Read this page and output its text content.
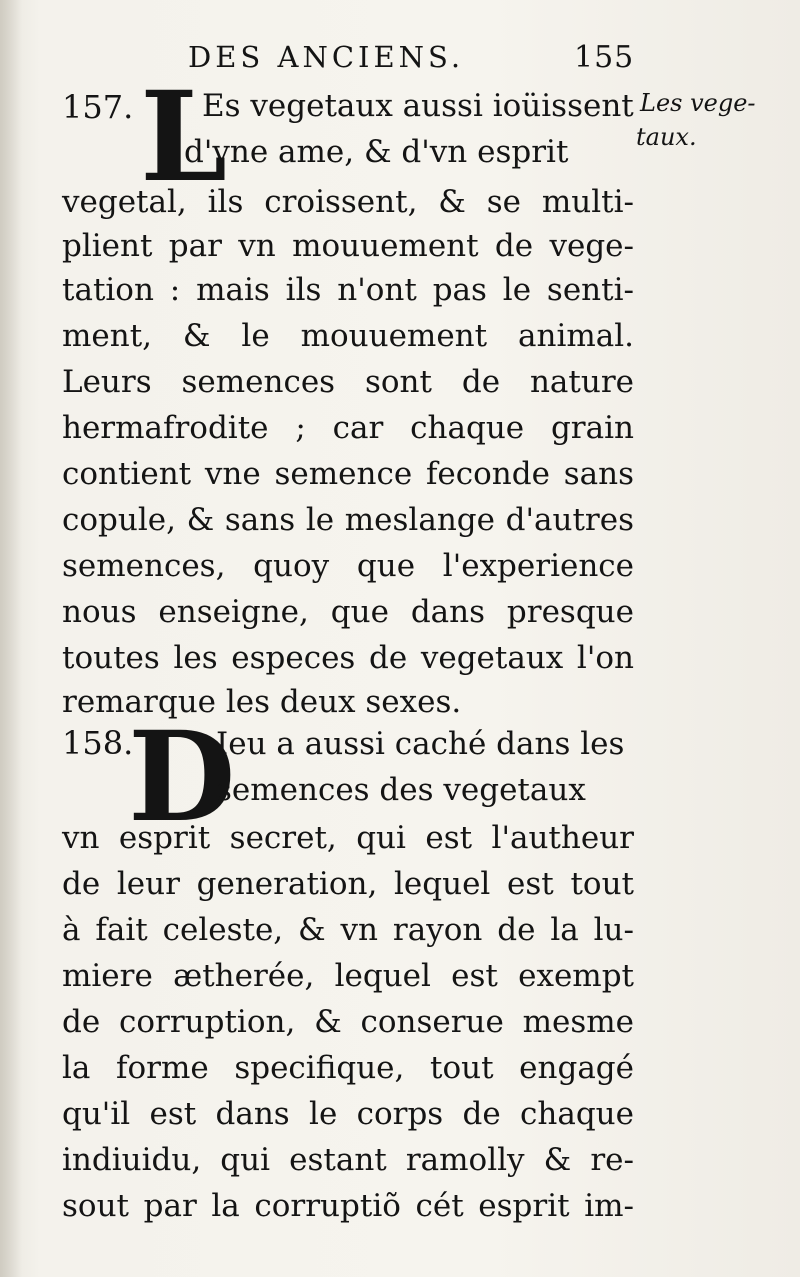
DES ANCIENS.	155
Les vege-
taux.
157. L
Es vegetaux aussi ioüissent
d'vne ame, & d'vn esprit
vegetal, ils croissent, & se multi-
plient par vn mouuement de vege-
tation : mais ils n'ont pas le senti-
ment, & le mouuement animal.
Leurs semences sont de nature
hermafrodite ; car chaque grain
contient vne semence feconde sans
copule, & sans le meslange d'autres
semences, quoy que l'experience
nous enseigne, que dans presque
toutes les especes de vegetaux l'on
remarque les deux sexes.
158.
D
Ieu a aussi caché dans les
semences des vegetaux
vn esprit secret, qui est l'autheur
de leur generation, lequel est tout
à fait celeste, & vn rayon de la lu-
miere ætherée, lequel est exempt
de corruption, & conserue mesme
la forme specifique, tout engagé
qu'il est dans le corps de chaque
indiuidu, qui estant ramolly & re-
sout par la corruptiõ cét esprit im-
